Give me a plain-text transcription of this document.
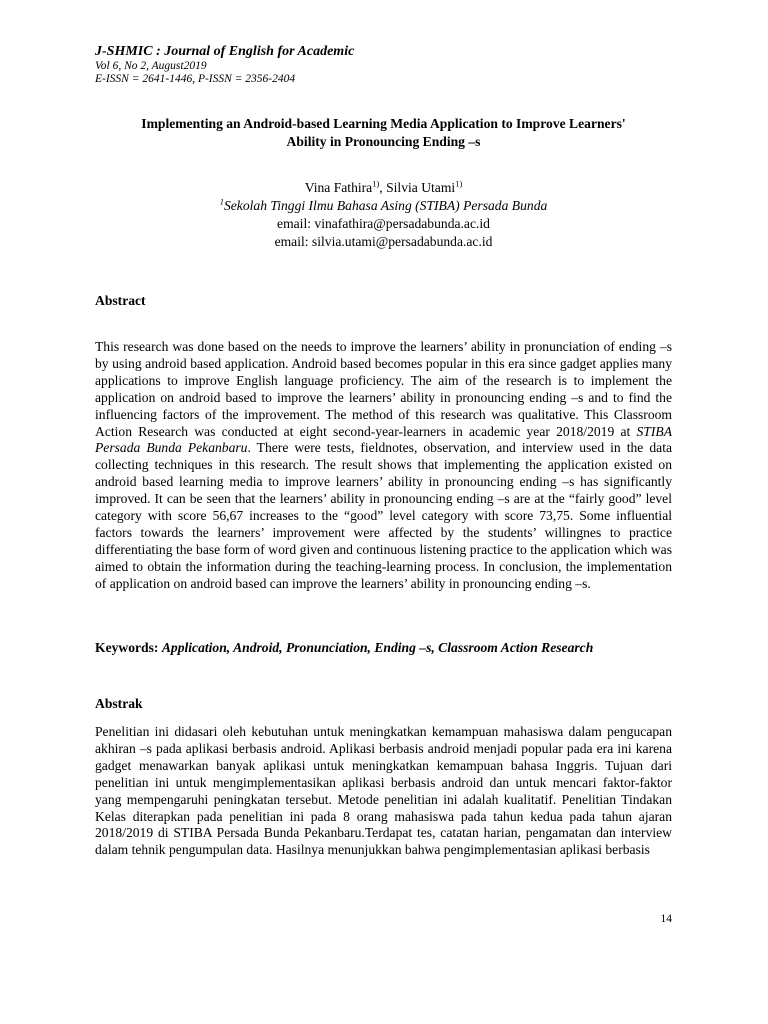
J-SHMIC : Journal of English for Academic
Vol 6, No 2, August2019
E-ISSN = 2641-1446, P-ISSN = 2356-2404
Implementing an Android-based Learning Media Application to Improve Learners'
Ability in Pronouncing Ending –s
Vina Fathira$^{1)}$, Silvia Utami$^{1)}$
$^1$Sekolah Tinggi Ilmu Bahasa Asing (STIBA) Persada Bunda
email: vinafathira@persadabunda.ac.id
email: silvia.utami@persadabunda.ac.id
Abstract
This research was done based on the needs to improve the learners’ ability in pronunciation of ending –s by using android based application. Android based becomes popular in this era since gadget applies many applications to improve English language proficiency. The aim of the research is to implement the application on android based to improve the learners’ ability in pronouncing ending –s and to find the influencing factors of the improvement. The method of this research was qualitative. This Classroom Action Research was conducted at eight second-year-learners in academic year 2018/2019 at STIBA Persada Bunda Pekanbaru. There were tests, fieldnotes, observation, and interview used in the data collecting techniques in this research. The result shows that implementing the application existed on android based learning media to improve learners’ ability in pronouncing ending –s has significantly improved. It can be seen that the learners’ ability in pronouncing ending –s are at the “fairly good” level category with score 56,67 increases to the “good” level category with score 73,75. Some influential factors towards the learners’ improvement were affected by the students’ willingnes to practice differentiating the base form of word given and continuous listening practice to the application which was aimed to obtain the information during the teaching-learning process. In conclusion, the implementation of application on android based can improve the learners’ ability in pronouncing ending –s.
Keywords: Application, Android, Pronunciation, Ending –s, Classroom Action Research
Abstrak
Penelitian ini didasari oleh kebutuhan untuk meningkatkan kemampuan mahasiswa dalam pengucapan akhiran –s pada aplikasi berbasis android. Aplikasi berbasis android menjadi popular pada era ini karena gadget menawarkan banyak aplikasi untuk meningkatkan kemampuan bahasa Inggris. Tujuan dari penelitian ini untuk mengimplementasikan aplikasi berbasis android dan untuk mencari faktor-faktor yang mempengaruhi peningkatan tersebut. Metode penelitian ini adalah kualitatif. Penelitian Tindakan Kelas diterapkan pada penelitian ini pada 8 orang mahasiswa pada tahun kedua pada tahun ajaran 2018/2019 di STIBA Persada Bunda Pekanbaru.Terdapat tes, catatan harian, pengamatan dan interview dalam tehnik pengumpulan data. Hasilnya menunjukkan bahwa pengimplementasian aplikasi berbasis
14
